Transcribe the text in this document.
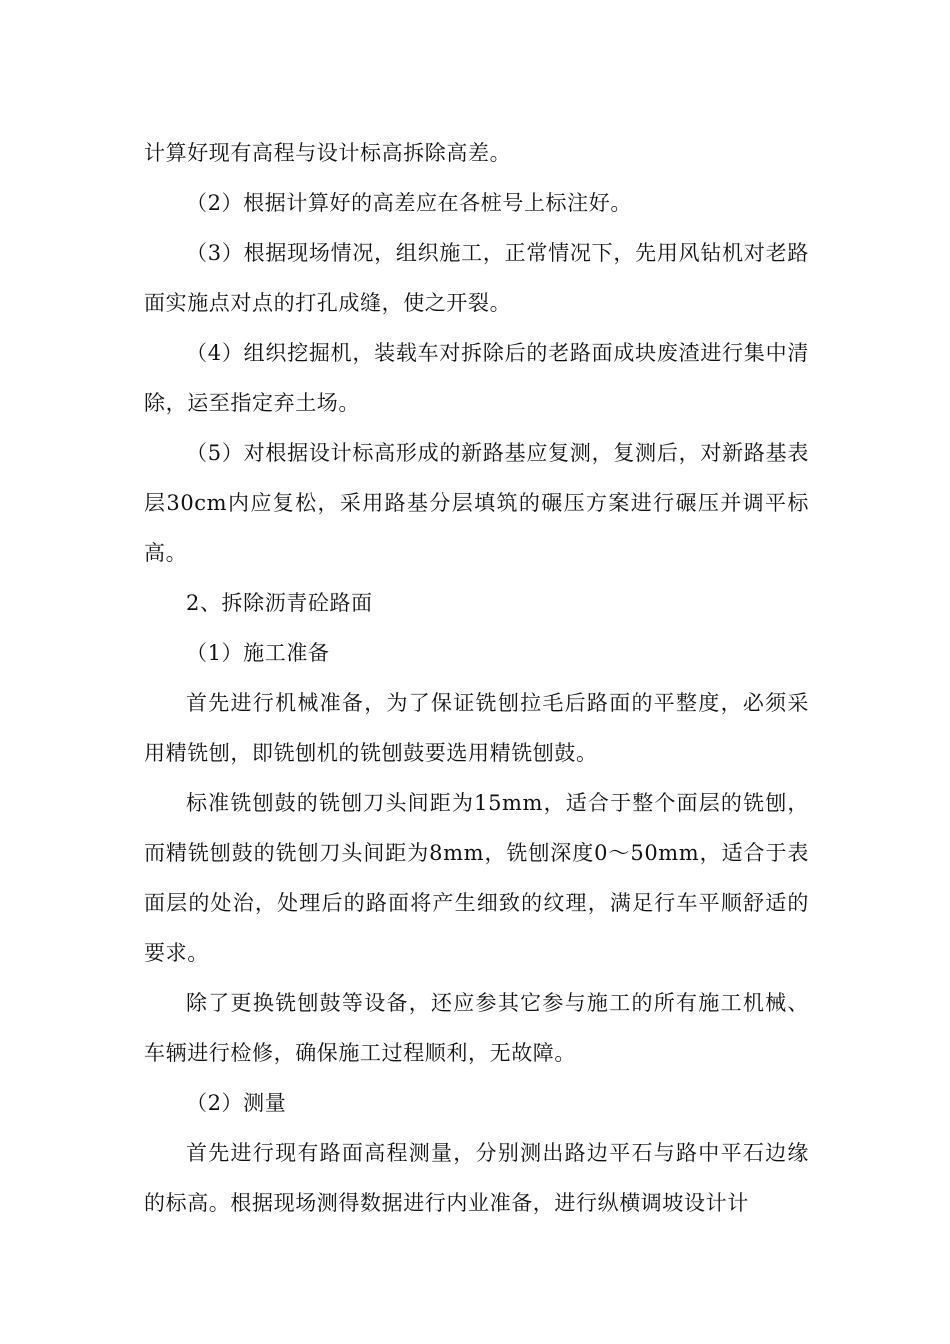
计算好现有高程与设计标高拆除高差。

（2）根据计算好的高差应在各桩号上标注好。

（3）根据现场情况，组织施工，正常情况下，先用风钻机对老路面实施点对点的打孔成缝，使之开裂。

（4）组织挖掘机，装载车对拆除后的老路面成块废渣进行集中清除，运至指定弃土场。

（5）对根据设计标高形成的新路基应复测，复测后，对新路基表层30cm内应复松，采用路基分层填筑的碾压方案进行碾压并调平标高。

2、拆除沥青砼路面

（1）施工准备

首先进行机械准备，为了保证铣刨拉毛后路面的平整度，必须采用精铣刨，即铣刨机的铣刨鼓要选用精铣刨鼓。

标准铣刨鼓的铣刨刀头间距为15mm，适合于整个面层的铣刨，而精铣刨鼓的铣刨刀头间距为8mm，铣刨深度0～50mm，适合于表面层的处治，处理后的路面将产生细致的纹理，满足行车平顺舒适的要求。

除了更换铣刨鼓等设备，还应参其它参与施工的所有施工机械、车辆进行检修，确保施工过程顺利，无故障。

（2）测量

首先进行现有路面高程测量，分别测出路边平石与路中平石边缘的标高。根据现场测得数据进行内业准备，进行纵横调坡设计计
